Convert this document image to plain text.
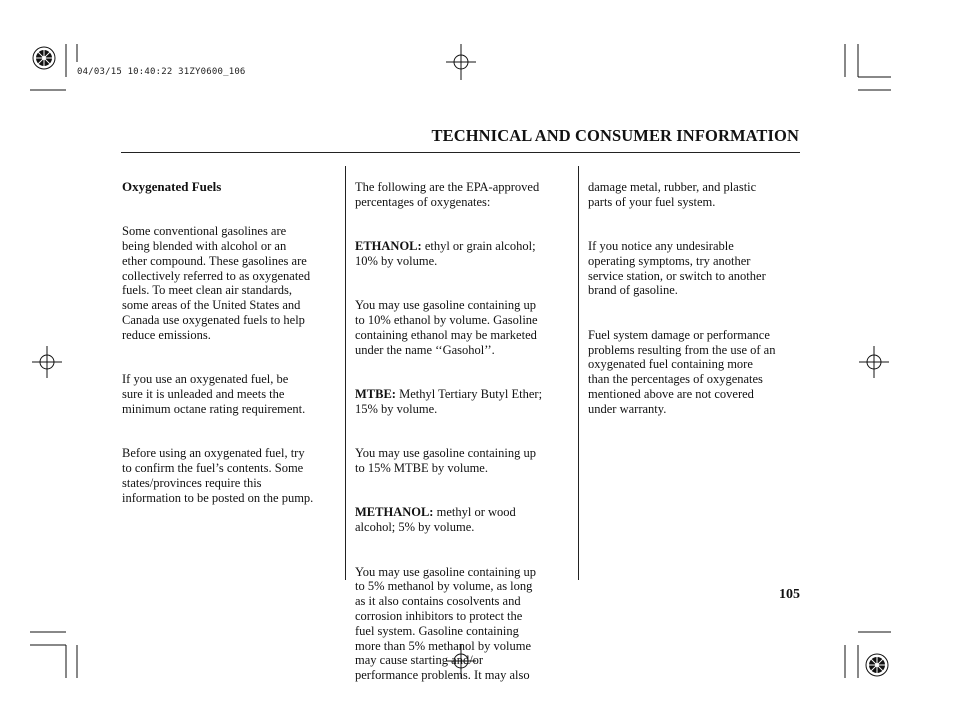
04/03/15 10:40:22 31ZY0600_106
TECHNICAL AND CONSUMER INFORMATION

Oxygenated Fuels

Some conventional gasolines are
being blended with alcohol or an
ether compound. These gasolines are
collectively referred to as oxygenated
fuels. To meet clean air standards,
some areas of the United States and
Canada use oxygenated fuels to help
reduce emissions.

If you use an oxygenated fuel, be
sure it is unleaded and meets the
minimum octane rating requirement.

Before using an oxygenated fuel, try
to confirm the fuel’s contents. Some
states/provinces require this
information to be posted on the pump.

The following are the EPA-approved
percentages of oxygenates:

ETHANOL: ethyl or grain alcohol;
10% by volume.

You may use gasoline containing up
to 10% ethanol by volume. Gasoline
containing ethanol may be marketed
under the name ‘‘Gasohol’’.

MTBE: Methyl Tertiary Butyl Ether;
15% by volume.

You may use gasoline containing up
to 15% MTBE by volume.

METHANOL: methyl or wood
alcohol; 5% by volume.

You may use gasoline containing up
to 5% methanol by volume, as long
as it also contains cosolvents and
corrosion inhibitors to protect the
fuel system. Gasoline containing
more than 5% methanol by volume
may cause starting and/or
performance problems. It may also

damage metal, rubber, and plastic
parts of your fuel system.

If you notice any undesirable
operating symptoms, try another
service station, or switch to another
brand of gasoline.

Fuel system damage or performance
problems resulting from the use of an
oxygenated fuel containing more
than the percentages of oxygenates
mentioned above are not covered
under warranty.

105
